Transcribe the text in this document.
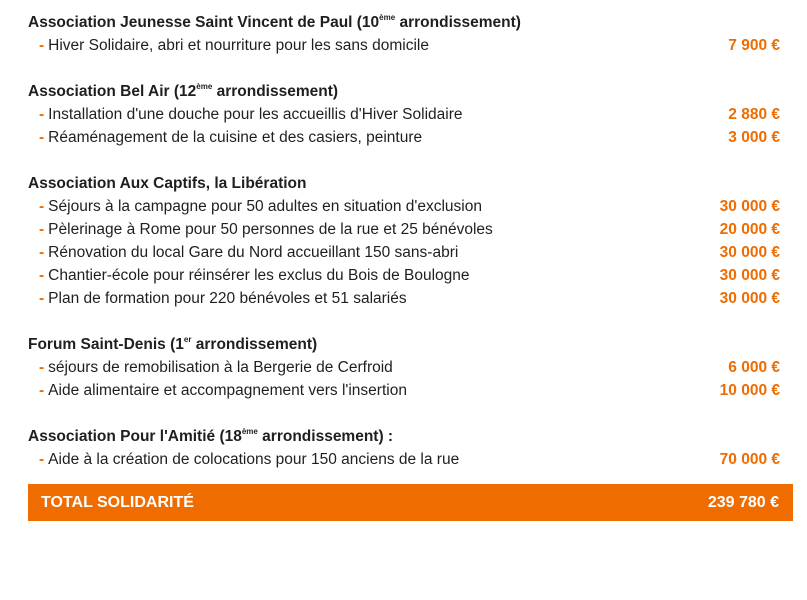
Association Jeunesse Saint Vincent de Paul (10ème arrondissement)
- Hiver Solidaire, abri et nourriture pour les sans domicile	7 900 €
Association Bel Air (12ème arrondissement)
- Installation d'une douche pour les accueillis d'Hiver Solidaire	2 880 €
- Réaménagement de la cuisine et des casiers, peinture	3 000 €
Association Aux Captifs, la Libération
- Séjours à la campagne pour 50 adultes en situation d'exclusion	30 000 €
- Pèlerinage à Rome pour 50 personnes de la rue et 25 bénévoles	20 000 €
- Rénovation du local Gare du Nord accueillant 150 sans-abri	30 000 €
- Chantier-école pour réinsérer les exclus du Bois de Boulogne	30 000 €
- Plan de formation pour 220 bénévoles et 51 salariés	30 000 €
Forum Saint-Denis (1er arrondissement)
- séjours de remobilisation à la Bergerie de Cerfroid	6 000 €
- Aide alimentaire et accompagnement vers l'insertion	10 000 €
Association Pour l'Amitié (18ème arrondissement) :
- Aide à la création de colocations pour 150 anciens de la rue	70 000 €
TOTAL SOLIDARITÉ	239 780 €
